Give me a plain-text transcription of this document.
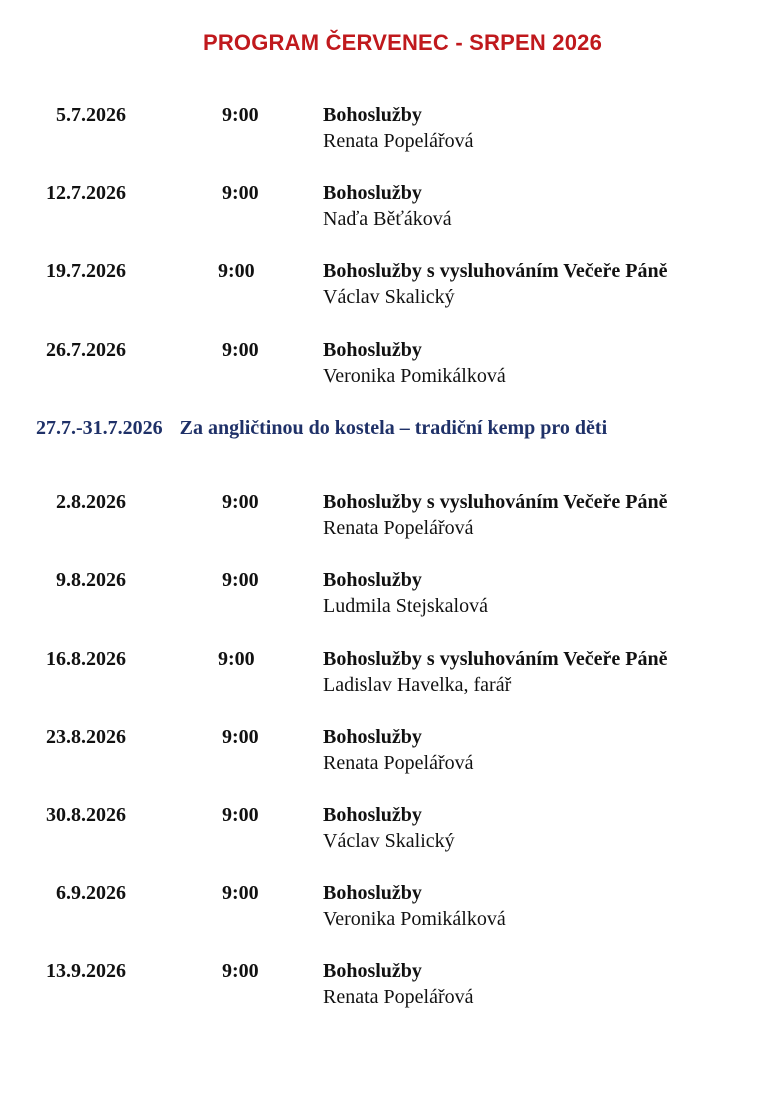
PROGRAM ČERVENEC - SRPEN 2026
5.7.2026	9:00	Bohoslužby
Renata Popelářová
12.7.2026	9:00	Bohoslužby
Naďa Běťáková
19.7.2026	9:00	Bohoslužby s vysluhováním Večeře Páně
Václav Skalický
26.7.2026	9:00	Bohoslužby
Veronika Pomikálková
27.7.-31.7.2026 Za angličtinou do kostela – tradiční kemp pro děti
2.8.2026	9:00	Bohoslužby s vysluhováním Večeře Páně
Renata Popelářová
9.8.2026	9:00	Bohoslužby
Ludmila Stejskalová
16.8.2026	9:00	Bohoslužby s vysluhováním Večeře Páně
Ladislav Havelka, farář
23.8.2026	9:00	Bohoslužby
Renata Popelářová
30.8.2026	9:00	Bohoslužby
Václav Skalický
6.9.2026	9:00	Bohoslužby
Veronika Pomikálková
13.9.2026	9:00	Bohoslužby
Renata Popelářová
